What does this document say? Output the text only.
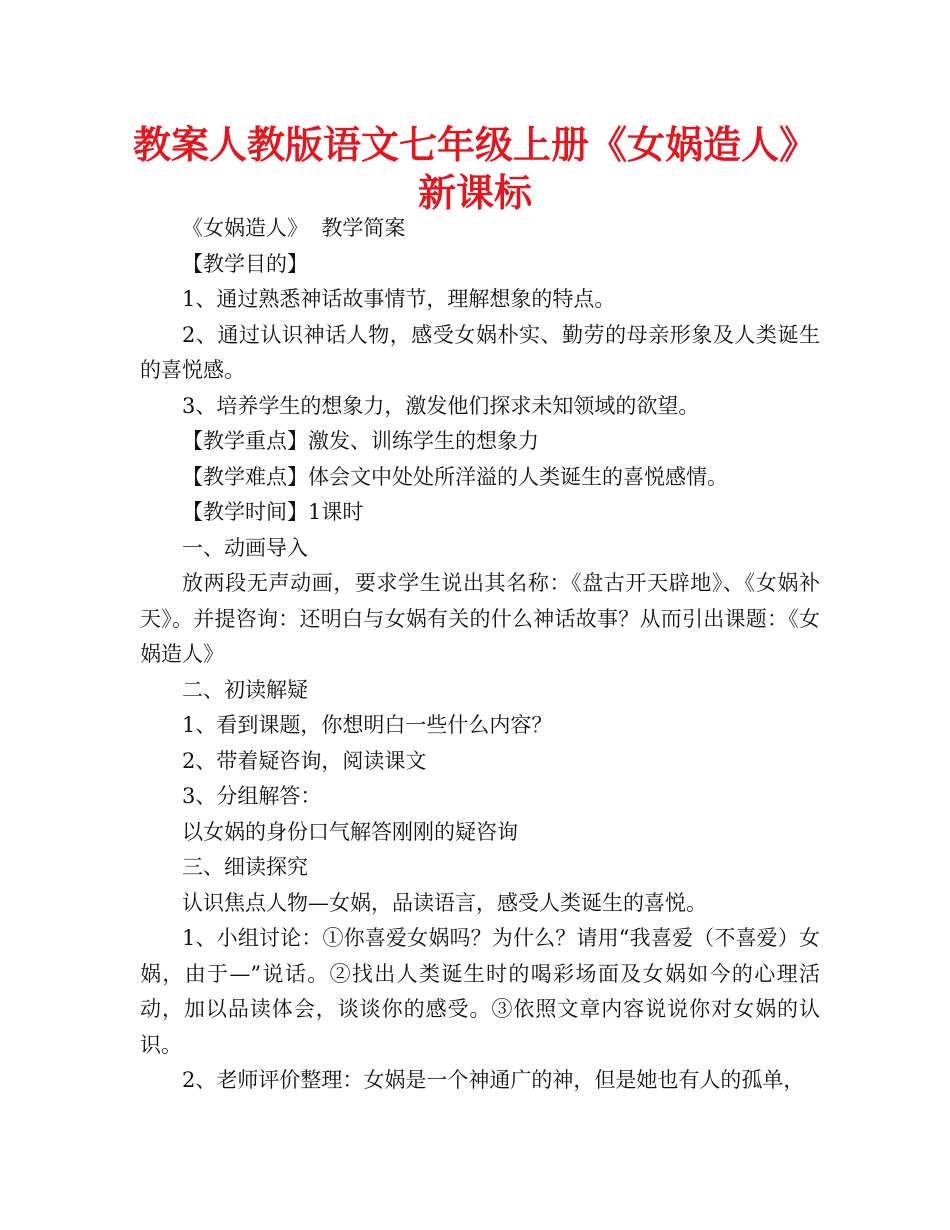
教案人教版语文七年级上册《女娲造人》
新课标

《女娲造人》  教学简案

【教学目的】

1、通过熟悉神话故事情节，理解想象的特点。

2、通过认识神话人物，感受女娲朴实、勤劳的母亲形象及人类诞生的喜悦感。

3、培养学生的想象力，激发他们探求未知领域的欲望。

【教学重点】激发、训练学生的想象力

【教学难点】体会文中处处所洋溢的人类诞生的喜悦感情。

【教学时间】1课时

一、动画导入

放两段无声动画，要求学生说出其名称：《盘古开天辟地》、《女娲补天》。并提咨询：还明白与女娲有关的什么神话故事？从而引出课题：《女娲造人》

二、初读解疑

1、看到课题，你想明白一些什么内容？

2、带着疑咨询，阅读课文

3、分组解答：

以女娲的身份口气解答刚刚的疑咨询

三、细读探究

认识焦点人物—女娲，品读语言，感受人类诞生的喜悦。

1、小组讨论：①你喜爱女娲吗？为什么？请用“我喜爱（不喜爱）女娲，由于—”说话。②找出人类诞生时的喝彩场面及女娲如今的心理活动，加以品读体会，谈谈你的感受。③依照文章内容说说你对女娲的认识。

2、老师评价整理：女娲是一个神通广的神，但是她也有人的孤单，
